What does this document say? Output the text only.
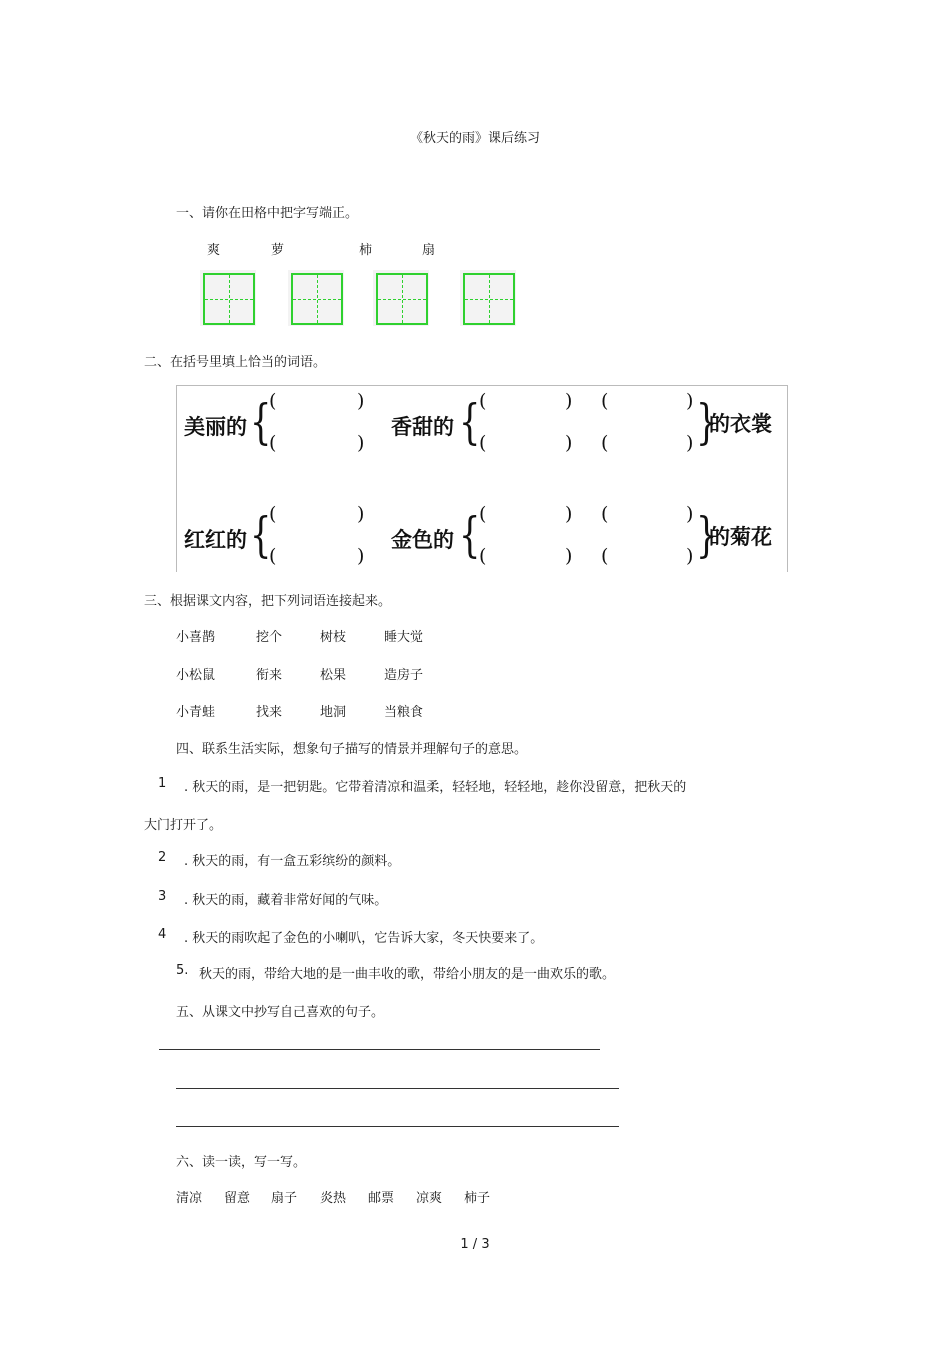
《秋天的雨》课后练习
一、请你在田格中把字写端正。
爽	萝	柿	扇
二、在括号里填上恰当的词语。
美丽的 {
(	)
(	)
香甜的 {
(	) (	)
(	) (	) }
的衣裳
红红的 {
(	)
(	)
金色的 {
(	) (	)
(	) (	) }
的菊花
三、根据课文内容，把下列词语连接起来。
小喜鹊	挖个	树枝	睡大觉
小松鼠	衔来	松果	造房子
小青蛙	找来	地洞	当粮食
四、联系生活实际，想象句子描写的情景并理解句子的意思。
1 . 秋天的雨，是一把钥匙。它带着清凉和温柔，轻轻地，轻轻地，趁你没留意，把秋天的
大门打开了。
2 . 秋天的雨，有一盒五彩缤纷的颜料。
3 . 秋天的雨，藏着非常好闻的气味。
4 . 秋天的雨吹起了金色的小喇叭，它告诉大家，冬天快要来了。
5. 秋天的雨，带给大地的是一曲丰收的歌，带给小朋友的是一曲欢乐的歌。
五、从课文中抄写自己喜欢的句子。
六、读一读，写一写。
清凉 留意 扇子 炎热 邮票 凉爽 柿子
1 / 3
